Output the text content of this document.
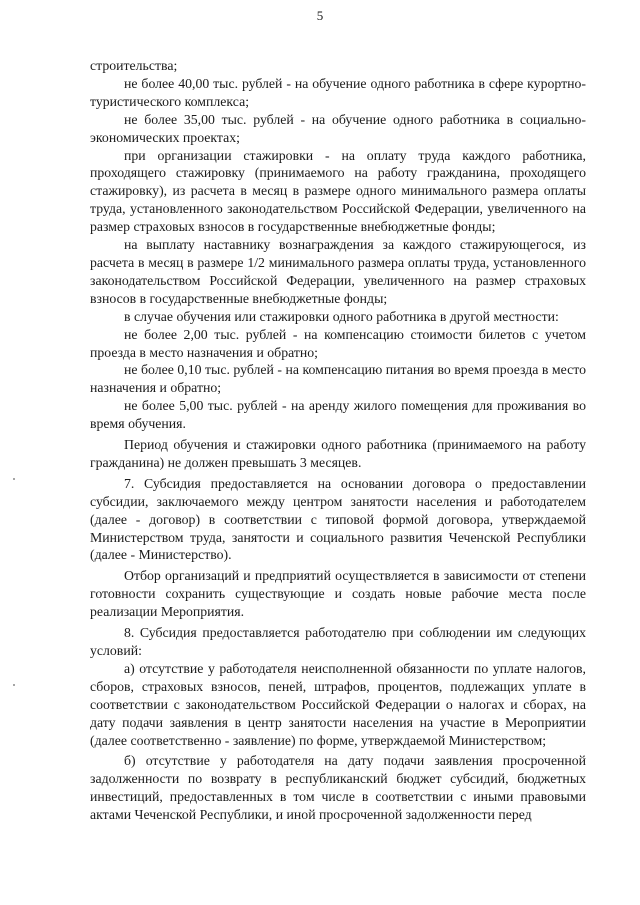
5

строительства;

не более 40,00 тыс. рублей - на обучение одного работника в сфере курортно-туристического комплекса;

не более 35,00 тыс. рублей - на обучение одного работника в социально-экономических проектах;

при организации стажировки - на оплату труда каждого работника, проходящего стажировку (принимаемого на работу гражданина, проходящего стажировку), из расчета в месяц в размере одного минимального размера оплаты труда, установленного законодательством Российской Федерации, увеличенного на размер страховых взносов в государственные внебюджетные фонды;

на выплату наставнику вознаграждения за каждого стажирующегося, из расчета в месяц в размере 1/2 минимального размера оплаты труда, установленного законодательством Российской Федерации, увеличенного на размер страховых взносов в государственные внебюджетные фонды;

в случае обучения или стажировки одного работника в другой местности:

не более 2,00 тыс. рублей - на компенсацию стоимости билетов с учетом проезда в место назначения и обратно;

не более 0,10 тыс. рублей - на компенсацию питания во время проезда в место назначения и обратно;

не более 5,00 тыс. рублей - на аренду жилого помещения для проживания во время обучения.

Период обучения и стажировки одного работника (принимаемого на работу гражданина) не должен превышать 3 месяцев.

7. Субсидия предоставляется на основании договора о предоставлении субсидии, заключаемого между центром занятости населения и работодателем (далее - договор) в соответствии с типовой формой договора, утверждаемой Министерством труда, занятости и социального развития Чеченской Республики (далее - Министерство).

Отбор организаций и предприятий осуществляется в зависимости от степени готовности сохранить существующие и создать новые рабочие места после реализации Мероприятия.

8. Субсидия предоставляется работодателю при соблюдении им следующих условий:

а) отсутствие у работодателя неисполненной обязанности по уплате налогов, сборов, страховых взносов, пеней, штрафов, процентов, подлежащих уплате в соответствии с законодательством Российской Федерации о налогах и сборах, на дату подачи заявления в центр занятости населения на участие в Мероприятии (далее соответственно - заявление) по форме, утверждаемой Министерством;

б) отсутствие у работодателя на дату подачи заявления просроченной задолженности по возврату в республиканский бюджет субсидий, бюджетных инвестиций, предоставленных в том числе в соответствии с иными правовыми актами Чеченской Республики, и иной просроченной задолженности перед
